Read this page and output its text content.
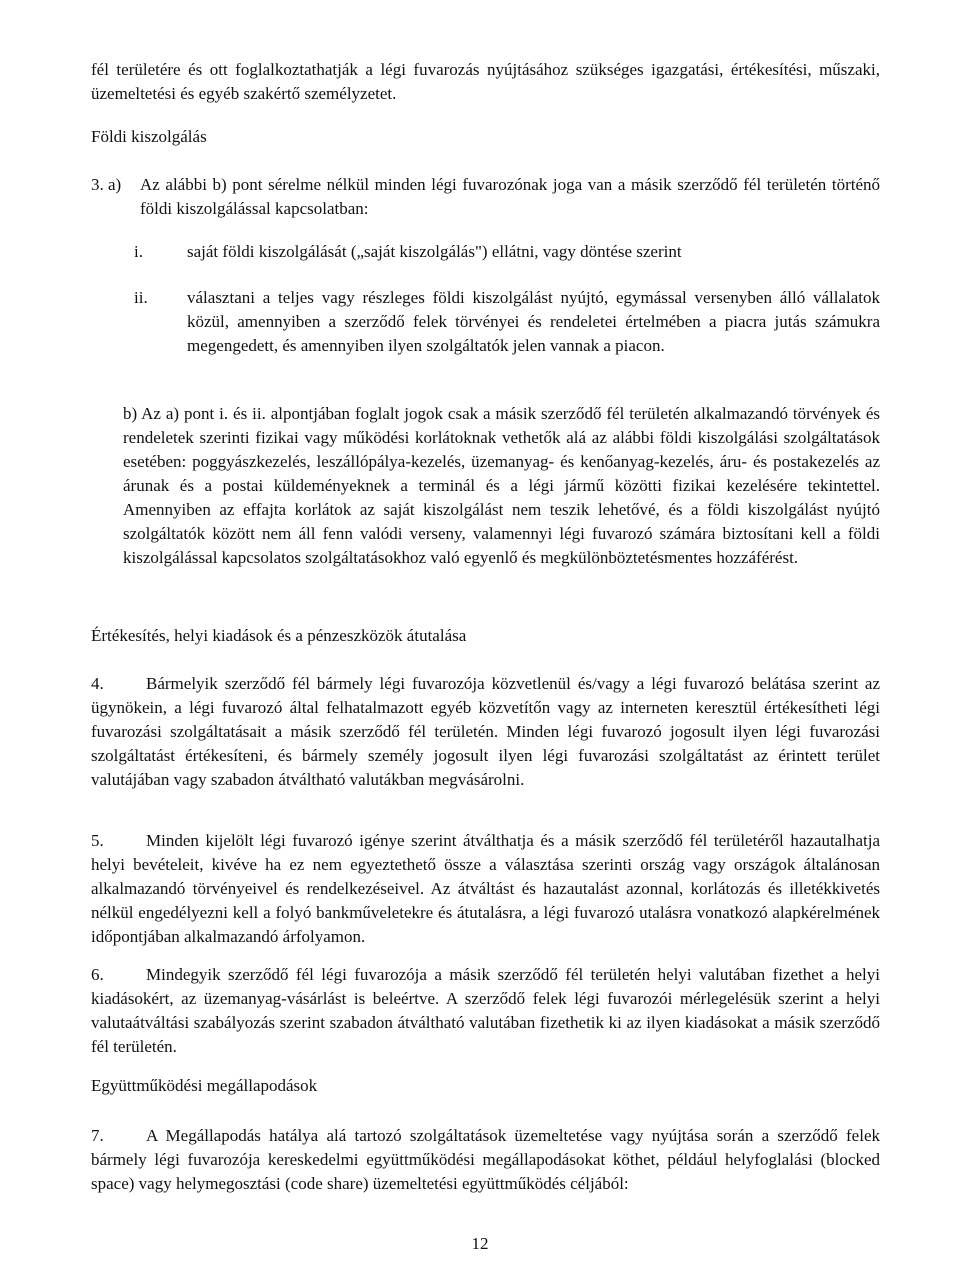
fél területére és ott foglalkoztathatják a légi fuvarozás nyújtásához szükséges igazgatási, értékesítési, műszaki, üzemeltetési és egyéb szakértő személyzetet.
Földi kiszolgálás
3. a)	Az alábbi b) pont sérelme nélkül minden légi fuvarozónak joga van a másik szerződő fél területén történő földi kiszolgálással kapcsolatban:
i.	saját földi kiszolgálását („saját kiszolgálás") ellátni, vagy döntése szerint
ii.	választani a teljes vagy részleges földi kiszolgálást nyújtó, egymással versenyben álló vállalatok közül, amennyiben a szerződő felek törvényei és rendeletei értelmében a piacra jutás számukra megengedett, és amennyiben ilyen szolgáltatók jelen vannak a piacon.
b) Az a) pont i. és ii. alpontjában foglalt jogok csak a másik szerződő fél területén alkalmazandó törvények és rendeletek szerinti fizikai vagy működési korlátoknak vethetők alá az alábbi földi kiszolgálási szolgáltatások esetében: poggyászkezelés, leszállópálya-kezelés, üzemanyag- és kenőanyag-kezelés, áru- és postakezelés az árunak és a postai küldeményeknek a terminál és a légi jármű közötti fizikai kezelésére tekintettel. Amennyiben az effajta korlátok az saját kiszolgálást nem teszik lehetővé, és a földi kiszolgálást nyújtó szolgáltatók között nem áll fenn valódi verseny, valamennyi légi fuvarozó számára biztosítani kell a földi kiszolgálással kapcsolatos szolgáltatásokhoz való egyenlő és megkülönböztetésmentes hozzáférést.
Értékesítés, helyi kiadások és a pénzeszközök átutalása
Bármelyik szerződő fél bármely légi fuvarozója közvetlenül és/vagy a légi fuvarozó belátása szerint az ügynökein, a légi fuvarozó által felhatalmazott egyéb közvetítőn vagy az interneten keresztül értékesítheti légi fuvarozási szolgáltatásait a másik szerződő fél területén. Minden légi fuvarozó jogosult ilyen légi fuvarozási szolgáltatást értékesíteni, és bármely személy jogosult ilyen légi fuvarozási szolgáltatást az érintett terület valutájában vagy szabadon átváltható valutákban megvásárolni.
4.
Minden kijelölt légi fuvarozó igénye szerint átválthatja és a másik szerződő fél területéről hazautalhatja helyi bevételeit, kivéve ha ez nem egyeztethető össze a választása szerinti ország vagy országok általánosan alkalmazandó törvényeivel és rendelkezéseivel. Az átváltást és hazautalást azonnal, korlátozás és illetékkivetés nélkül engedélyezni kell a folyó bankműveletekre és átutalásra, a légi fuvarozó utalásra vonatkozó alapkérelmének időpontjában alkalmazandó árfolyamon.
5.
Mindegyik szerződő fél légi fuvarozója a másik szerződő fél területén helyi valutában fizethet a helyi kiadásokért, az üzemanyag-vásárlást is beleértve. A szerződő felek légi fuvarozói mérlegelésük szerint a helyi valutaátváltási szabályozás szerint szabadon átváltható valutában fizethetik ki az ilyen kiadásokat a másik szerződő fél területén.
6.
Együttműködési megállapodások
A Megállapodás hatálya alá tartozó szolgáltatások üzemeltetése vagy nyújtása során a szerződő felek bármely légi fuvarozója kereskedelmi együttműködési megállapodásokat köthet, például helyfoglalási (blocked space) vagy helymegosztási (code share) üzemeltetési együttműködés céljából:
7.
12
